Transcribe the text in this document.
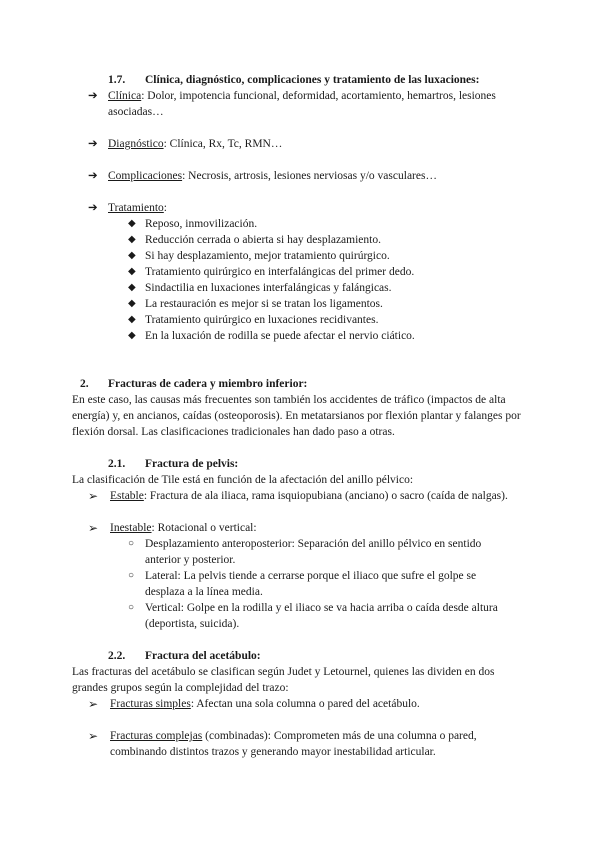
1.7. Clínica, diagnóstico, complicaciones y tratamiento de las luxaciones:
➔ Clínica: Dolor, impotencia funcional, deformidad, acortamiento, hemartros, lesiones asociadas…
➔ Diagnóstico: Clínica, Rx, Tc, RMN…
➔ Complicaciones: Necrosis, artrosis, lesiones nerviosas y/o vasculares…
➔ Tratamiento:
◆ Reposo, inmovilización.
◆ Reducción cerrada o abierta si hay desplazamiento.
◆ Si hay desplazamiento, mejor tratamiento quirúrgico.
◆ Tratamiento quirúrgico en interfalángicas del primer dedo.
◆ Sindactilia en luxaciones interfalángicas y falángicas.
◆ La restauración es mejor si se tratan los ligamentos.
◆ Tratamiento quirúrgico en luxaciones recidivantes.
◆ En la luxación de rodilla se puede afectar el nervio ciático.
2. Fracturas de cadera y miembro inferior:
En este caso, las causas más frecuentes son también los accidentes de tráfico (impactos de alta energía) y, en ancianos, caídas (osteoporosis). En metatarsianos por flexión plantar y falanges por flexión dorsal. Las clasificaciones tradicionales han dado paso a otras.
2.1. Fractura de pelvis:
La clasificación de Tile está en función de la afectación del anillo pélvico:
➢	Estable: Fractura de ala iliaca, rama isquiopubiana (anciano) o sacro (caída de nalgas).
➢	Inestable: Rotacional o vertical:
○ Desplazamiento anteroposterior: Separación del anillo pélvico en sentido anterior y posterior.
○ Lateral: La pelvis tiende a cerrarse porque el iliaco que sufre el golpe se desplaza a la línea media.
○ Vertical: Golpe en la rodilla y el iliaco se va hacia arriba o caída desde altura (deportista, suicida).
2.2. Fractura del acetábulo:
Las fracturas del acetábulo se clasifican según Judet y Letournel, quienes las dividen en dos grandes grupos según la complejidad del trazo:
➢	Fracturas simples: Afectan una sola columna o pared del acetábulo.
➢	Fracturas complejas (combinadas): Comprometen más de una columna o pared, combinando distintos trazos y generando mayor inestabilidad articular.
